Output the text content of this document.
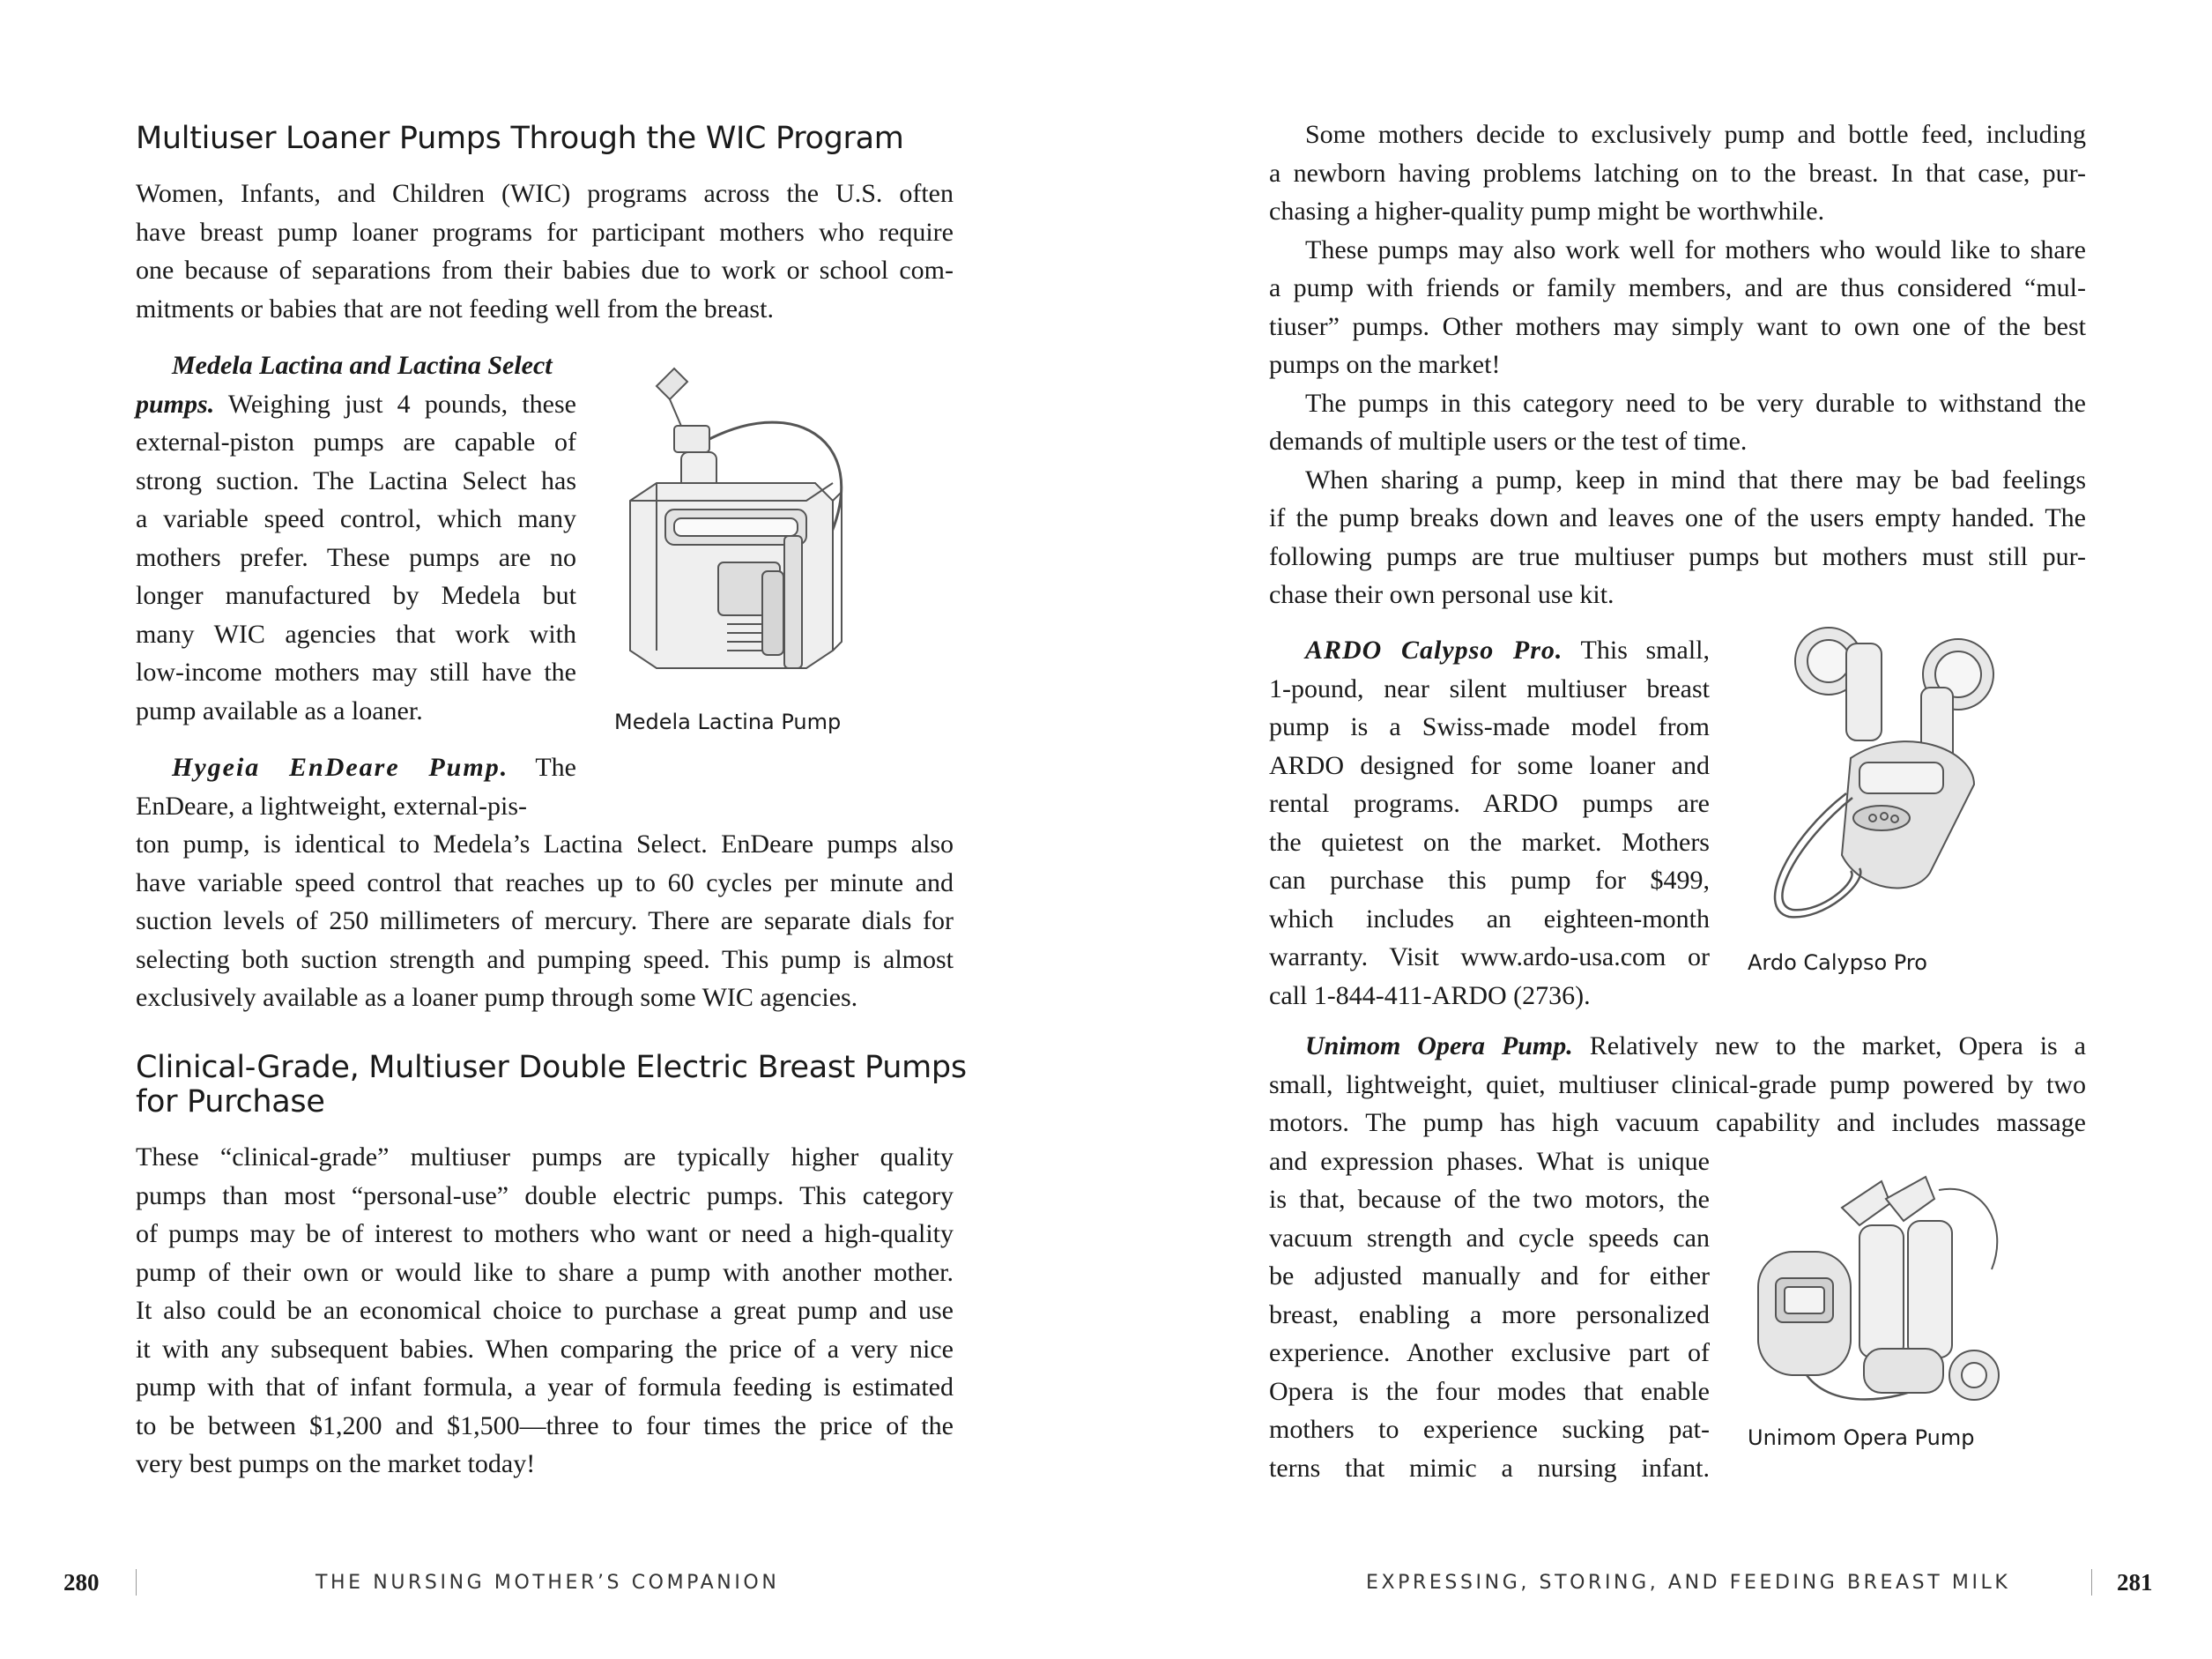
Multiuser Loaner Pumps Through the WIC Program
Women, Infants, and Children (WIC) programs across the U.S. often
have breast pump loaner programs for participant mothers who require
one because of separations from their babies due to work or school com-
mitments or babies that are not feeding well from the breast.
Medela Lactina and Lactina Select
pumps. Weighing just 4 pounds, these
external-piston pumps are capable of
strong suction. The Lactina Select has
a variable speed control, which many
mothers prefer. These pumps are no
longer manufactured by Medela but
many WIC agencies that work with
low-income mothers may still have the
pump available as a loaner.	Medela Lactina Pump
Hygeia EnDeare Pump. The
EnDeare, a lightweight, external-pis-
ton pump, is identical to Medela’s Lactina Select. EnDeare pumps also
have variable speed control that reaches up to 60 cycles per minute and
suction levels of 250 millimeters of mercury. There are separate dials for
selecting both suction strength and pumping speed. This pump is almost
exclusively available as a loaner pump through some WIC agencies.
Clinical-Grade, Multiuser Double Electric Breast Pumps
for Purchase
These “clinical-grade” multiuser pumps are typically higher quality
pumps than most “personal-use” double electric pumps. This category
of pumps may be of interest to mothers who want or need a high-quality
pump of their own or would like to share a pump with another mother.
It also could be an economical choice to purchase a great pump and use
it with any subsequent babies. When comparing the price of a very nice
pump with that of infant formula, a year of formula feeding is estimated
to be between $1,200 and $1,500—three to four times the price of the
very best pumps on the market today!
280	THE NURSING MOTHER’S COMPANION
Some mothers decide to exclusively pump and bottle feed, including
a newborn having problems latching on to the breast. In that case, pur-
chasing a higher-quality pump might be worthwhile.
These pumps may also work well for mothers who would like to share
a pump with friends or family members, and are thus considered “mul-
tiuser” pumps. Other mothers may simply want to own one of the best
pumps on the market!
The pumps in this category need to be very durable to withstand the
demands of multiple users or the test of time.
When sharing a pump, keep in mind that there may be bad feelings
if the pump breaks down and leaves one of the users empty handed. The
following pumps are true multiuser pumps but mothers must still pur-
chase their own personal use kit.
ARDO Calypso Pro. This small,
1-pound, near silent multiuser breast
pump is a Swiss-made model from
ARDO designed for some loaner and
rental programs. ARDO pumps are
the quietest on the market. Mothers
can purchase this pump for $499,
which includes an eighteen-month
warranty. Visit www.ardo-usa.com or
call 1-844-411-ARDO (2736).
Ardo Calypso Pro
Unimom Opera Pump. Relatively new to the market, Opera is a
small, lightweight, quiet, multiuser clinical-grade pump powered by two
motors. The pump has high vacuum capability and includes massage
and expression phases. What is unique
is that, because of the two motors, the
vacuum strength and cycle speeds can
be adjusted manually and for either
breast, enabling a more personalized
experience. Another exclusive part of
Opera is the four modes that enable
mothers to experience sucking pat-
terns that mimic a nursing infant.
Unimom Opera Pump
EXPRESSING, STORING, AND FEEDING BREAST MILK	281
